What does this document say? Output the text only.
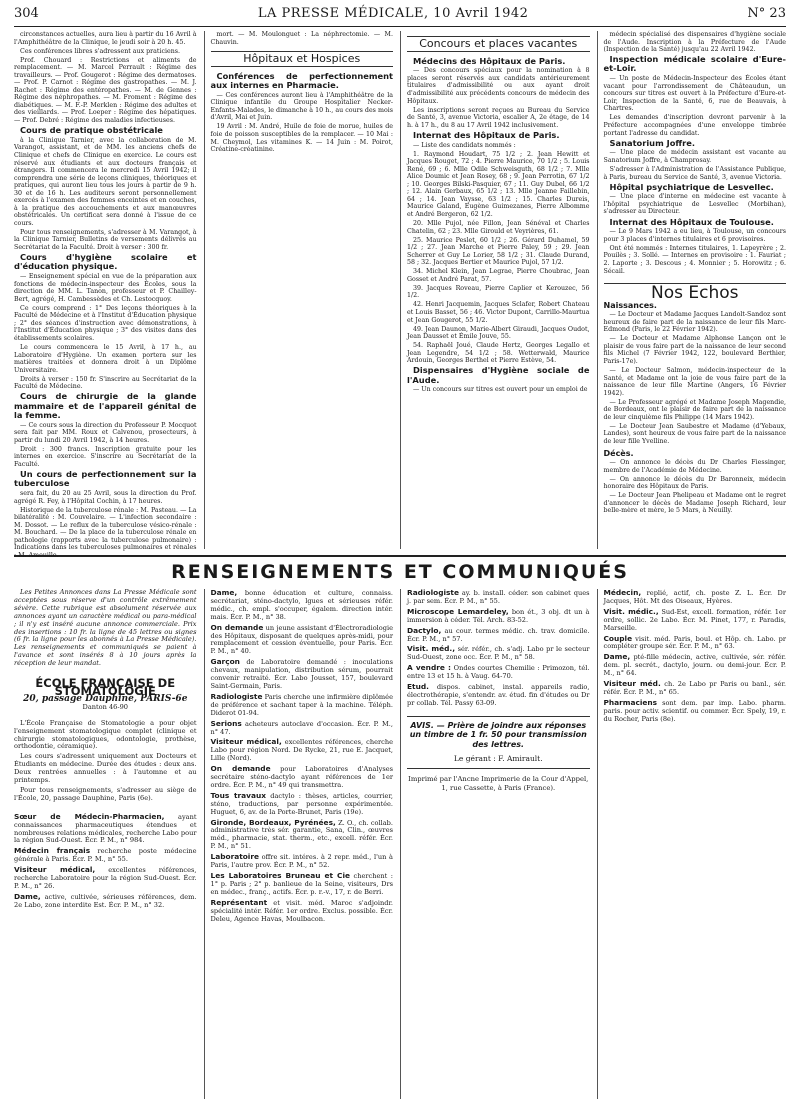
304	LA PRESSE MÉDICALE, 10 Avril 1942	N° 23

circonstances actuelles, aura lieu à partir du 16 Avril à l'Amphithéâtre de la Clinique, le jeudi soir à 20 h. 45.

Ces conférences libres s'adressent aux praticiens.

Prof. Chouard : Restrictions et aliments de remplacement. — M. Marcel Perrault : Régime des travailleurs. — Prof. Gougerot : Régime des dermatoses. — Prof. P. Carnot : Régime des gastropathes. — M. J. Rachet : Régime des entéropathes. — M. de Gennes : Régime des néphropathes. — M. Froment : Régime des diabétiques. — M. F.-P. Merklen : Régime des adultes et des vieillards. — Prof. Loeper : Régime des hépatiques. — Prof. Debré : Régime des maladies infectieuses.

Cours de pratique obstétricale

à la Clinique Tarnier, avec la collaboration de M. Varangot, assistant, et de MM. les anciens chefs de Clinique et chefs de Clinique en exercice. Le cours est réservé aux étudiants et aux docteurs français et étrangers. Il commencera le mercredi 15 Avril 1942; il comprendra une série de leçons cliniques, théoriques et pratiques, qui auront lieu tous les jours à partir de 9 h. 30 et de 16 h. Les auditeurs seront personnellement exercés à l'examen des femmes enceintes et en couches, à la pratique des accouchements et aux manœuvres obstétricales. Un certificat sera donné à l'issue de ce cours.

Pour tous renseignements, s'adresser à M. Varangot, à la Clinique Tarnier, Bulletins de versements délivrés au Secrétariat de la Faculté. Droit à verser : 300 fr.

Cours d'hygiène scolaire et d'éducation physique.

— Enseignement spécial en vue de la préparation aux fonctions de médecin-inspecteur des Écoles, sous la direction de MM. L. Tanon, professeur et P. Chailley-Bert, agrégé, H. Cambessèdes et Ch. Lestocquoy.

Ce cours comprend : 1° Des leçons théoriques à la Faculté de Médecine et à l'Institut d'Éducation physique ; 2° des séances d'instruction avec démonstrations, à l'Institut d'Éducation physique ; 3° des visites dans des établissements scolaires.

Le cours commencera le 15 Avril, à 17 h., au Laboratoire d'Hygiène. Un examen portera sur les matières traitées et donnera droit à un Diplôme Universitaire.

Droits à verser : 150 fr. S'inscrire au Secrétariat de la Faculté de Médecine.

Cours de chirurgie de la glande mammaire et de l'appareil génital de la femme.

— Ce cours sous la direction du Professeur P. Mocquot sera fait par MM. Roux et Calvenou, prosecteurs, à partir du lundi 20 Avril 1942, à 14 heures.

Droit : 300 francs. Inscription gratuite pour les internes en exercice. S'inscrire au Secrétariat de la Faculté.

Un cours de perfectionnement sur la tuberculose

sera fait, du 20 au 25 Avril, sous la direction du Prof. agrégé R. Fey, à l'Hôpital Cochin, à 17 heures.

Historique de la tuberculose rénale : M. Pasteau. — La bilatéralité : M. Couvelaire. — L'infection secondaire : M. Dossot. — Le reflux de la tuberculose vésico-rénale : M. Bouchard. — De la place de la tuberculose rénale en pathologie (rapports avec la tuberculose pulmonaire) : Indications dans les tuberculoses pulmonaires et rénales : M. Ameuille.

mort. — M. Moulonguet : La néphrectomie. — M. Chauvin.

Hôpitaux et Hospices

Conférences de perfectionnement aux internes en Pharmacie.

— Ces conférences auront lieu à l'Amphithéâtre de la Clinique infantile du Groupe Hospitalier Necker-Enfants-Malades, le dimanche à 10 h., au cours des mois d'Avril, Mai et Juin.

19 Avril : M. André, Huile de foie de morue, huiles de foie de poisson susceptibles de la remplacer. — 10 Mai : M. Cheymol, Les vitamines K. — 14 Juin : M. Poirot, Créatine-créatinine.

Concours et places vacantes

Médecins des Hôpitaux de Paris.

— Des concours spéciaux pour la nomination à 8 places seront réservés aux candidats antérieurement titulaires d'admissibilité ou aux ayant droit d'admissibilité aux précédents concours de médecin des Hôpitaux.

Les inscriptions seront reçues au Bureau du Service de Santé, 3, avenue Victoria, escalier A, 2e étage, de 14 h. à 17 h., du 8 au 17 Avril 1942 inclusivement.

Internat des Hôpitaux de Paris.

— Liste des candidats nommés :

1. Raymond Houdart, 75 1/2 ; 2. Jean Hewitt et Jacques Rouget, 72 ; 4. Pierre Maurice, 70 1/2 ; 5. Louis René, 69 ; 6. Mlle Odile Schweisguth, 68 1/2 ; 7. Mlle Alice Doumic et Jean Rosey, 68 ; 9. Jean Perrotin, 67 1/2 ; 10. Georges Bilski-Pasquier, 67 ; 11. Guy Dubel, 66 1/2 ; 12. Alain Gerbaux, 65 1/2 ; 13. Mlle Jeanne Faillebin, 64 ; 14. Jean Vaysse, 63 1/2 ; 15. Charles Dureis, Maurice Galand, Eugène Guimezanes, Pierre Albomme et André Bergeron, 62 1/2.

20. Mlle Pujol, née Fillon, Jean Sénéval et Charles Chatelin, 62 ; 23. Mlle Girould et Veyrières, 61.

25. Maurice Peslet, 60 1/2 ; 26. Gérard Duhamel, 59 1/2 ; 27. Jean Marche et Pierre Paley, 59 ; 29. Jean Scherrer et Guy Le Lorier, 58 1/2 ; 31. Claude Durand, 58 ; 32. Jacques Bertier et Maurice Pujol, 57 1/2.

34. Michel Klein, Jean Legrae, Pierre Choubrac, Jean Gosset et André Parat, 57.

39. Jacques Roveau, Pierre Caplier et Kerouzec, 56 1/2.

42. Henri Jacquemin, Jacques Sclafer, Robert Chateau et Louis Basset, 56 ; 46. Victor Dupont, Carrillo-Maurtua et Jean Gougerot, 55 1/2.

49. Jean Daunon, Marie-Albert Giraudi, Jacques Oudot, Jean Dausset et Émile Jouve, 55.

54. Raphaël Joué, Claude Hertz, Georges Legallo et Jean Legendre, 54 1/2 ; 58. Wetterwald, Maurice Ardouin, Georges Berthel et Pierre Estève, 54.

Dispensaires d'Hygiène sociale de l'Aude.

— Un concours sur titres est ouvert pour un emploi de

médecin spécialisé des dispensaires d'hygiène sociale de l'Aude. Inscription à la Préfecture de l'Aude (Inspection de la Santé) jusqu'au 22 Avril 1942.

Inspection médicale scolaire d'Eure-et-Loir.

— Un poste de Médecin-Inspecteur des Écoles étant vacant pour l'arrondissement de Châteaudun, un concours sur titres est ouvert à la Préfecture d'Eure-et-Loir, Inspection de la Santé, 6, rue de Beauvais, à Chartres.

Les demandes d'inscription devront parvenir à la Préfecture accompagnées d'une enveloppe timbrée portant l'adresse du candidat.

Sanatorium Joffre.

— Une place de médecin assistant est vacante au Sanatorium Joffre, à Champrosay.

S'adresser à l'Administration de l'Assistance Publique, à Paris, bureau du Service de Santé, 3, avenue Victoria.

Hôpital psychiatrique de Lesvellec.

— Une place d'interne en médecine est vacante à l'hôpital psychiatrique de Lesvellec (Morbihan), s'adresser au Directeur.

Internat des Hôpitaux de Toulouse.

— Le 9 Mars 1942 a eu lieu, à Toulouse, un concours pour 3 places d'internes titulaires et 6 provisoires.

Ont été nommés : Internes titulaires, 1. Lapeyrère ; 2. Pouilès ; 3. Sollé. — Internes en provisoire : 1. Fauriat ; 2. Laporte ; 3. Descous ; 4. Monnier ; 5. Horowitz ; 6. Sécail.

Nos Echos
Naissances.

— Le Docteur et Madame Jacques Landolt-Sandoz sont heureux de faire part de la naissance de leur fils Marc-Edmond (Paris, le 22 Février 1942).

— Le Docteur et Madame Alphonse Lançon ont le plaisir de vous faire part de la naissance de leur second fils Michel (7 Février 1942, 122, boulevard Berthier, Paris-17e).

— Le Docteur Salmon, médecin-inspecteur de la Santé, et Madame ont la joie de vous faire part de la naissance de leur fille Martine (Angers, 16 Février 1942).

— Le Professeur agrégé et Madame Joseph Magendie, de Bordeaux, ont le plaisir de faire part de la naissance de leur cinquième fils Philippe (14 Mars 1942).

— Le Docteur Jean Saubestre et Madame (d'Yebaux, Landes), sont heureux de vous faire part de la naissance de leur fille Yvelline.

Décès.

— On annonce le décès du Dr Charles Fiessinger, membre de l'Académie de Médecine.

— On annonce le décès du Dr Baronneix, médecin honoraire des Hôpitaux de Paris.

— Le Docteur Jean Phelipeau et Madame ont le regret d'annoncer le décès de Madame Joseph Richard, leur belle-mère et mère, le 5 Mars, à Neuilly.

RENSEIGNEMENTS ET COMMUNIQUÉS

Les Petites Annonces dans La Presse Médicale sont acceptées sous réserve d'un contrôle extrêmement sévère. Cette rubrique est absolument réservée aux annonces ayant un caractère médical ou para-médical ; il n'y est inséré aucune annonce commerciale. Prix des insertions : 10 fr. la ligne de 45 lettres ou signes (6 fr. la ligne pour les abonnés à La Presse Médicale). Les renseignements et communiqués se paient à l'avance et sont insérés 8 à 10 jours après la réception de leur mandat.

ÉCOLE FRANÇAISE DE STOMATOLOGIE
20, passage Dauphine, PARIS-6e
Danton 46-90

L'École Française de Stomatologie a pour objet l'enseignement stomatologique complet (clinique et chirurgie stomatologiques, odontologie, prothèse, orthodontie, céramique).

Les cours s'adressent uniquement aux Docteurs et Étudiants en médecine. Durée des études : deux ans. Deux rentrées annuelles : à l'automne et au printemps.

Pour tous renseignements, s'adresser au siège de l'École, 20, passage Dauphine, Paris (6e).

Sœur de Médecin-Pharmacien, ayant connaissances pharmaceutiques étendues et nombreuses relations médicales, recherche Labo pour la région Sud-Ouest. Écr. P. M., n° 984.

Médecin français recherche poste médecine générale à Paris. Écr. P. M., n° 55.

Visiteur médical, excellentes références, recherche Laboratoire pour la région Sud-Ouest. Écr. P. M., n° 26.

Dame, active, cultivée, sérieuses références, dem. 2e Labo, zone interdite Est. Écr. P. M., n° 32.

Dame, bonne éducation et culture, connaiss. secrétariat, sténo-dactylo, lgues et sérieuses référ. médic., ch. empl. s'occuper, égalem. direction intér. mais. Écr. P. M., n° 38.

On demande un jeune assistant d'Électroradiologie des Hôpitaux, disposant de quelques après-midi, pour remplacement et cession éventuelle, pour Paris. Écr. P. M., n° 40.

Garçon de Laboratoire demandé : inoculations chevaux, manipulation, distribution sérum, pourrait convenir retraité. Écr. Labo Jousset, 157, boulevard Saint-Germain, Paris.

Radiologiste Paris cherche une infirmière diplômée de préférence et sachant taper à la machine. Téléph. Diderot 01-94.

Serions acheteurs autoclave d'occasion. Écr. P. M., n° 47.

Visiteur médical, excellentes références, cherche Labo pour région Nord. De Rycke, 21, rue E. Jacquet, Lille (Nord).

On demande pour Laboratoires d'Analyses secrétaire sténo-dactylo ayant références de 1er ordre. Écr. P. M., n° 49 qui transmettra.

Tous travaux dactylo : thèses, articles, courrier, sténo, traductions, par personne expérimentée. Huguet, 6, av. de la Porte-Brunet, Paris (19e).

Gironde, Bordeaux, Pyrénées, Z. O., ch. collab. administrative très sér. garantie, Sana, Clin., œuvres méd., pharmacie, stat. therm., etc., excell. référ. Écr. P. M., n° 51.

Laboratoire offre sit. intéres. à 2 repr. méd., l'un à Paris, l'autre prov. Écr. P. M., n° 52.

Les Laboratoires Bruneau et Cie cherchent : 1° p. Paris ; 2° p. banlieue de la Seine, visiteurs, Drs en médec., franç., actifs. Écr. p. r.-v., 17, r. de Berri.

Représentant et visit. méd. Maroc s'adjoindr. spécialité intér. Référ. 1er ordre. Exclus. possible. Écr. Deleu, Agence Havas, Moulbacon.

Radiologiste ay. b. install. céder. son cabinet ques j. par sem. Écr. P. M., n° 55.

Microscope Lemardeley, bon ét., 3 obj. dt un à immersion à céder. Tél. Arch. 83-52.

Dactylo, au cour. termes médic. ch. trav. domicile. Écr. P. M., n° 57.

Visit. méd., sér. référ., ch. s'adj. Labo pr le secteur Sud-Ouest, zone occ. Écr. P. M., n° 58.

A vendre : Ondes courtes Chemilie : Primozon, tél. entre 13 et 15 h. à Vaug. 64-70.

Etud. dispos. cabinet, instal. appareils radio, électrothérapie, s'entendr. av. étud. fin d'études ou Dr pr collab. Tél. Passy 63-09.

AVIS. — Prière de joindre aux réponses un timbre de 1 fr. 50 pour transmission des lettres.
Le gérant : F. Amirault.
Imprimé par l'Ancne Imprimerie de la Cour d'Appel, 1, rue Cassette, à Paris (France).

Médecin, replié, actif, ch. poste Z. L. Écr. Dr Jacques, Hôt. Mt des Oiseaux, Hyères.

Visit. médic., Sud-Est, excell. formation, référ. 1er ordre, sollic. 2e Labo. Écr. M. Pinet, 177, r. Paradis, Marseille.

Couple visit. méd. Paris, boul. et Hôp. ch. Labo. pr compléter groupe sér. Écr. P. M., n° 63.

Dame, pté-fille médecin, active, cultivée, sér. référ. dem. pl. secrét., dactylo, journ. ou demi-jour. Écr. P. M., n° 64.

Visiteur méd. ch. 2e Labo pr Paris ou banl., sér. référ. Écr. P. M., n° 65.

Pharmaciens sont dem. par imp. Labo. pharm. paris. pour activ. scientif. ou commer. Écr. Spely, 19, r. du Rocher, Paris (8e).
